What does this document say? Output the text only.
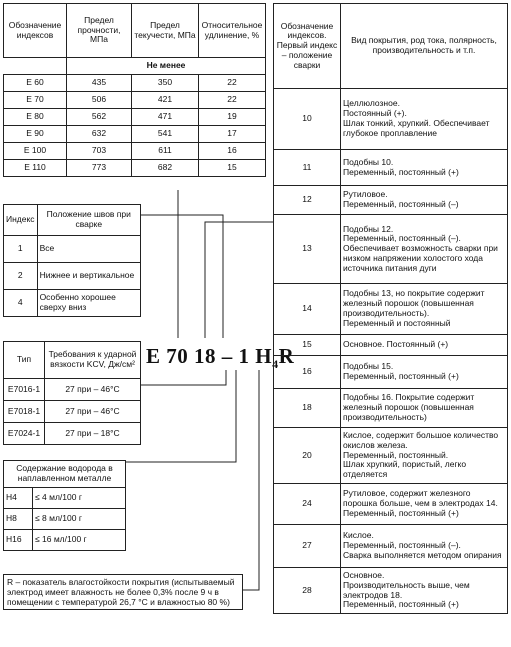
Обозначение индексов	Предел прочности, МПа	Предел текучести, МПа	Относительное удлинение, %
	Не менее		
Е 60	435	350	22
Е 70	506	421	22
Е 80	562	471	19
Е 90	632	541	17
Е 100	703	611	16
Е 110	773	682	15
Индекс	Положение швов при сварке
1	Все
2	Нижнее и вертикальное
4	Особенно хорошее сверху вниз
Тип	Требования к ударной вязкости KCV, Дж/см²
Е7016-1	27 при – 46°С
Е7018-1	27 при – 46°С
Е7024-1	27 при – 18°С
Содержание водорода в наплавленном металле	
H4	≤ 4 мл/100 г
H8	≤ 8 мл/100 г
H16	≤ 16 мл/100 г
R – показатель влагостойкости покрытия (испытываемый электрод имеет влажность не более 0,3% после 9 ч в помещении с температурой 26,7 °С и влажностью 80 %)
Е 70 18 – 1 $H_4R$
Обозначение индексов. Первый индекс – положение сварки	Вид покрытия, род тока, полярность, производительность и т.п.
10	Целлюлозное.
Постоянный (+).
Шлак тонкий, хрупкий. Обеспечивает глубокое проплавление
11	Подобны 10.
Переменный, постоянный (+)
12	Рутиловое.
Переменный, постоянный (–)
13	Подобны 12.
Переменный, постоянный (–).
Обеспечивает возможность сварки при низком напряжении холостого хода источника питания дуги
14	Подобны 13, но покрытие содержит железный порошок (повышенная производительность).
Переменный и постоянный
15	Основное. Постоянный (+)
16	Подобны 15.
Переменный, постоянный (+)
18	Подобны 16. Покрытие содержит железный порошок (повышенная производительность)
20	Кислое, содержит большое количество окислов железа.
Переменный, постоянный.
Шлак хрупкий, пористый, легко отделяется
24	Рутиловое, содержит железного порошка больше, чем в электродах 14.
Переменный, постоянный (+)
27	Кислое.
Переменный, постоянный (–).
Сварка выполняется методом опирания
28	Основное.
Производительность выше, чем электродов 18.
Переменный, постоянный (+)
